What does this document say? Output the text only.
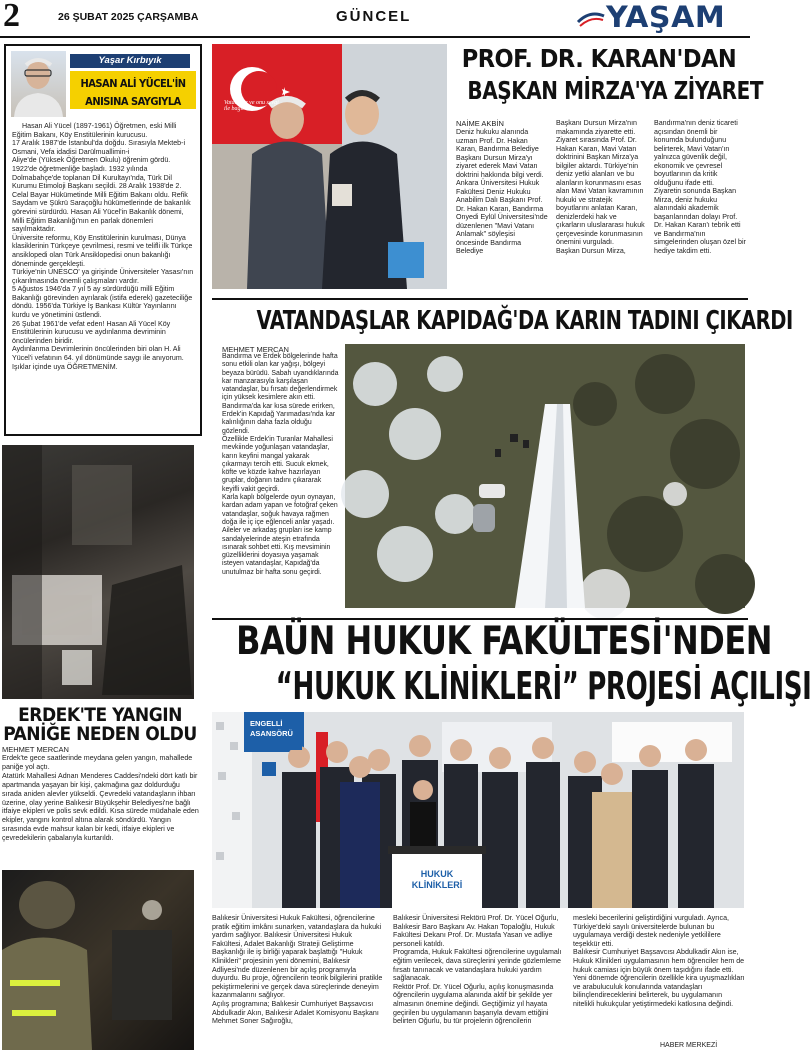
2	26 ŞUBAT 2025 ÇARŞAMBA	GÜNCEL	YAŞAM
Yaşar Kırbıyık
HASAN ALİ YÜCEL'İN
ANISINA SAYGIYLA
Hasan Ali Yücel (1897-1961) Öğretmen, eski Milli Eğitim Bakanı, Köy Enstitülerinin kurucusu.
17 Aralık 1987'de İstanbul'da doğdu. Sırasıyla Mekteb-i Osmani, Vefa idadisi Darülmuallimin-i
Aliye'de (Yüksek Öğretmen Okulu) öğrenim gördü. 1922'de öğretmenliğe başladı. 1932 yılında Dolmabahçe'de toplanan Dil Kurultayı'nda, Türk Dil Kurumu Etimoloji Başkanı seçildi. 28 Aralık 1938'de 2. Celal Bayar Hükümetinde Milli Eğitim Bakanı oldu. Refik Saydam ve Şükrü Saraçoğlu hükümetlerinde de bakanlık görevini sürdürdü. Hasan Ali Yücel'in Bakanlık dönemi, Milli Eğitim Bakanlığı'nın en parlak dönemleri sayılmaktadır.
Üniversite reformu, Köy Enstitülerinin kurulması, Dünya klasiklerinin Türkçeye çevrilmesi, resmi ve telifli ilk Türkçe ansiklopedi olan Türk Ansiklopedisi onun bakanlığı döneminde gerçekleşti.
Türkiye'nin UNESCO' ya girişinde Üniversiteler Yasası'nın çıkarılmasında önemli çalışmaları vardır.
5 Ağustos 1946'da 7 yıl 5 ay sürdürdüğü milli Eğitim Bakanlığı görevinden ayrılarak (istifa ederek) gazeteciliğe döndü. 1956'da Türkiye İş Bankası Kültür Yayınlarını kurdu ve yönetimini üstlendi.
26 Şubat 1961'de vefat eden! Hasan Ali Yücel Köy Enstitülerinin kurucusu ve aydınlanma devriminin öncülerinden biridir.
Aydınlanma Devrimlerinin öncülerinden biri olan H. Ali Yücel'i vefatının 64. yıl dönümünde saygı ile anıyorum. Işıklar içinde uya ÖĞRETMENİM.
ERDEK'TE YANGIN
PANİĞE NEDEN OLDU
MEHMET MERCAN
Erdek'te gece saatlerinde meydana gelen yangın, mahallede paniğe yol açtı.
Atatürk Mahallesi Adnan Menderes Caddesi'ndeki dört katlı bir apartmanda yaşayan bir kişi, çakmağına gaz doldurduğu sırada aniden alevler yükseldi. Çevredeki vatandaşların ihbarı üzerine, olay yerine Balıkesir Büyükşehir Belediyesi'ne bağlı itfaiye ekipleri ve polis sevk edildi. Kısa sürede müdahale eden ekipler, yangını kontrol altına alarak söndürdü. Yangın sırasında evde mahsur kalan bir kedi, itfaiye ekipleri ve çevredekilerin çabalarıyla kurtarıldı.
Vatanımız ve onu sevgi ile bağlı
PROF. DR. KARAN'DAN
BAŞKAN MİRZA'YA ZİYARET
NAİME AKBİN
Deniz hukuku alanında uzman Prof. Dr. Hakan Karan, Bandırma Belediye Başkanı Dursun Mirza'yı ziyaret ederek Mavi Vatan doktrini hakkında bilgi verdi.
Ankara Üniversitesi Hukuk Fakültesi Deniz Hukuku Anabilim Dalı Başkanı Prof. Dr. Hakan Karan, Bandırma Onyedi Eylül Üniversitesi'nde düzenlenen "Mavi Vatanı Anlamak" söyleşisi öncesinde Bandırma Belediye
Başkanı Dursun Mirza'nın makamında ziyarette etti.
Ziyaret sırasında Prof. Dr. Hakan Karan, Mavi Vatan doktrinini Başkan Mirza'ya bilgiler aktardı. Türkiye'nin deniz yetki alanları ve bu alanların korunmasını esas alan Mavi Vatan kavramının hukuki ve stratejik boyutlarını anlatan Karan, denizlerdeki hak ve çıkarların uluslararası hukuk çerçevesinde korunmasının önemini vurguladı.
Başkan Dursun Mirza,
Bandırma'nın deniz ticareti açısından önemli bir konumda bulunduğunu belirterek, Mavi Vatan'ın yalnızca güvenlik değil, ekonomik ve çevresel boyutlarının da kritik olduğunu ifade etti.
Ziyaretin sonunda Başkan Mirza, deniz hukuku alanındaki akademik başarılarından dolayı Prof. Dr. Hakan Karan'ı tebrik etti ve Bandırma'nın simgelerinden oluşan özel bir hediye takdim etti.
VATANDAŞLAR KAPIDAĞ'DA KARIN TADINI ÇIKARDI
MEHMET MERCAN
Bandırma ve Erdek bölgelerinde hafta sonu etkili olan kar yağışı, bölgeyi beyaza bürüdü. Sabah uyandıklarında kar manzarasıyla karşılaşan vatandaşlar, bu fırsatı değerlendirmek için yüksek kesimlere akın etti. Bandırma'da kar kısa sürede erirken, Erdek'in Kapıdağ Yarımadası'nda kar kalınlığının daha fazla olduğu gözlendi.
Özellikle Erdek'in Turanlar Mahallesi mevkiinde yoğunlaşan vatandaşlar, karın keyfini mangal yakarak çıkarmayı tercih etti. Sucuk ekmek, köfte ve közde kahve hazırlayan gruplar, doğanın tadını çıkararak keyifli vakit geçirdi.
Karla kaplı bölgelerde oyun oynayan, kardan adam yapan ve fotoğraf çeken vatandaşlar, soğuk havaya rağmen doğa ile iç içe eğlenceli anlar yaşadı. Aileler ve arkadaş grupları ise kamp sandalyelerinde ateşin etrafında ısınarak sohbet etti. Kış mevsiminin güzelliklerini doyasıya yaşamak isteyen vatandaşlar, Kapıdağ'da unutulmaz bir hafta sonu geçirdi.
BAÜN HUKUK FAKÜLTESİ'NDEN
“HUKUK KLİNİKLERİ” PROJESİ AÇILIŞI
ENGELLİ
ASANSÖRÜ
HUKUK KLİNİKLERİ
Balıkesir Üniversitesi Hukuk Fakültesi, öğrencilerine pratik eğitim imkânı sunarken, vatandaşlara da hukuki yardım sağlıyor. Balıkesir Üniversitesi Hukuk Fakültesi, Adalet Bakanlığı Strateji Geliştirme Başkanlığı ile iş birliği yaparak başlattığı "Hukuk Klinikleri" projesinin yeni dönemini, Balıkesir Adliyesi'nde düzenlenen bir açılış programıyla duyurdu. Bu proje, öğrencilerin teorik bilgilerini pratikle pekiştirmelerini ve gerçek dava süreçlerinde deneyim kazanmalarını sağlıyor.
Açılış programına; Balıkesir Cumhuriyet Başsavcısı Abdulkadir Akın, Balıkesir Adalet Komisyonu Başkanı Mehmet Soner Sağıroğlu,
Balıkesir Üniversitesi Rektörü Prof. Dr. Yücel Oğurlu, Balıkesir Baro Başkanı Av. Hakan Topaloğlu, Hukuk Fakültesi Dekanı Prof. Dr. Mustafa Yasan ve adliye personeli katıldı.
Programda, Hukuk Fakültesi öğrencilerine uygulamalı eğitim verilecek, dava süreçlerini yerinde gözlemleme fırsatı tanınacak ve vatandaşlara hukuki yardım sağlanacak.
Rektör Prof. Dr. Yücel Oğurlu, açılış konuşmasında öğrencilerin uygulama alanında aktif bir şekilde yer almasının önemine değindi. Geçtiğimiz yıl hayata geçirilen bu uygulamanın başarıyla devam ettiğini belirten Oğurlu, bu tür projelerin öğrencilerin
mesleki becerilerini geliştirdiğini vurguladı. Ayrıca, Türkiye'deki sayılı üniversitelerde bulunan bu uygulamaya verdiği destek nedeniyle yetkililere teşekkür etti.
Balıkesir Cumhuriyet Başsavcısı Abdulkadir Akın ise, Hukuk Klinikleri uygulamasının hem öğrenciler hem de hukuk camiası için büyük önem taşıdığını ifade etti. Yeni dönemde öğrencilerin özellikle kira uyuşmazlıkları ve arabuluculuk konularında vatandaşları bilinçlendireceklerini belirterek, bu uygulamanın nitelikli hukukçular yetiştirmedeki katkısına değindi.
HABER MERKEZİ
